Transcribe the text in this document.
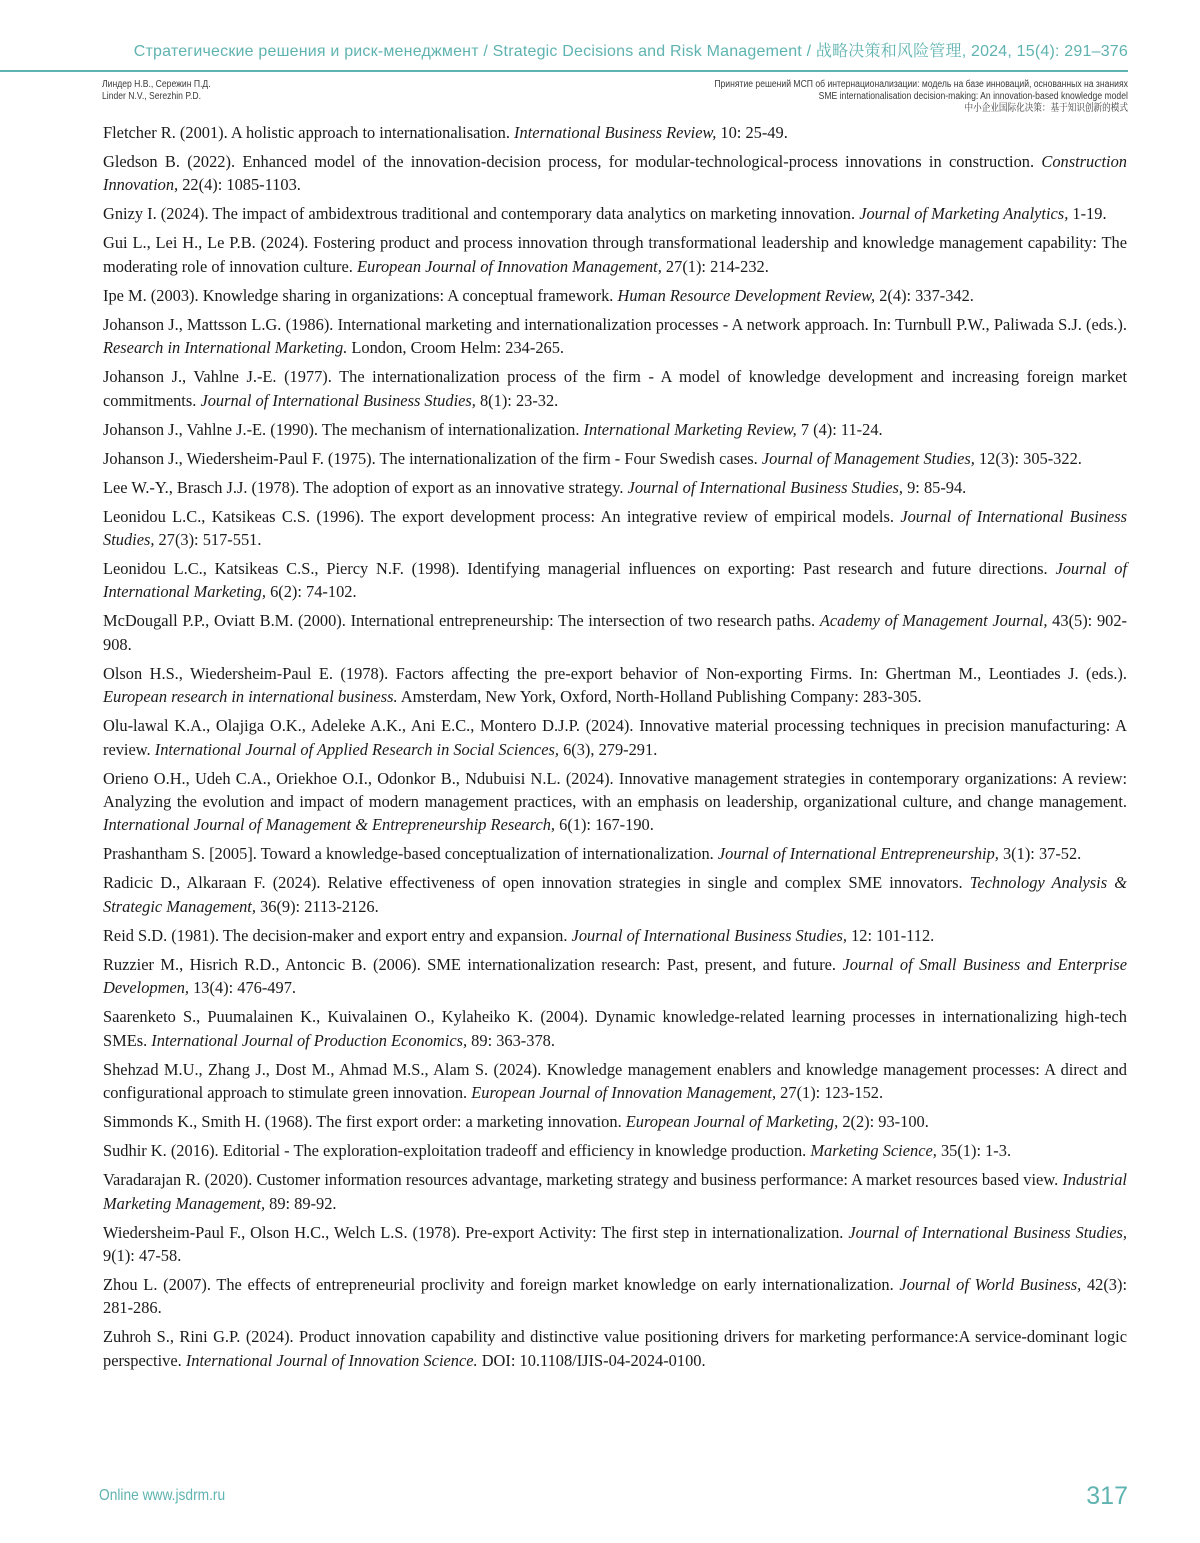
Стратегические решения и риск-менеджмент / Strategic Decisions and Risk Management / 战略决策和风险管理, 2024, 15(4): 291–376
Линдер Н.В., Сережин П.Д.
Linder N.V., Serezhin P.D.
Принятие решений МСП об интернационализации: модель на базе инноваций, основанных на знаниях
SME internationalisation decision-making: An innovation-based knowledge model
中小企业国际化决策：基于知识创新的模式

Fletcher R. (2001). A holistic approach to internationalisation. International Business Review, 10: 25-49.

Gledson B. (2022). Enhanced model of the innovation-decision process, for modular-technological-process innovations in construction. Construction Innovation, 22(4): 1085-1103.

Gnizy I. (2024). The impact of ambidextrous traditional and contemporary data analytics on marketing innovation. Journal of Marketing Analytics, 1-19.

Gui L., Lei H., Le P.B. (2024). Fostering product and process innovation through transformational leadership and knowledge management capability: The moderating role of innovation culture. European Journal of Innovation Management, 27(1): 214-232.

Ipe M. (2003). Knowledge sharing in organizations: A conceptual framework. Human Resource Development Review, 2(4): 337-342.

Johanson J., Mattsson L.G. (1986). International marketing and internationalization processes - A network approach. In: Turnbull P.W., Paliwada S.J. (eds.). Research in International Marketing. London, Croom Helm: 234-265.

Johanson J., Vahlne J.-E. (1977). The internationalization process of the firm - A model of knowledge development and increasing foreign market commitments. Journal of International Business Studies, 8(1): 23-32.

Johanson J., Vahlne J.-E. (1990). The mechanism of internationalization. International Marketing Review, 7 (4): 11-24.

Johanson J., Wiedersheim-Paul F. (1975). The internationalization of the firm - Four Swedish cases. Journal of Management Studies, 12(3): 305-322.

Lee W.-Y., Brasch J.J. (1978). The adoption of export as an innovative strategy. Journal of International Business Studies, 9: 85-94.

Leonidou L.C., Katsikeas C.S. (1996). The export development process: An integrative review of empirical models. Journal of International Business Studies, 27(3): 517-551.

Leonidou L.C., Katsikeas C.S., Piercy N.F. (1998). Identifying managerial influences on exporting: Past research and future directions. Journal of International Marketing, 6(2): 74-102.

McDougall P.P., Oviatt B.M. (2000). International entrepreneurship: The intersection of two research paths. Academy of Management Journal, 43(5): 902-908.

Olson H.S., Wiedersheim-Paul E. (1978). Factors affecting the pre-export behavior of Non-exporting Firms. In: Ghertman M., Leontiades J. (eds.). European research in international business. Amsterdam, New York, Oxford, North-Holland Publishing Company: 283-305.

Olu-lawal K.A., Olajiga O.K., Adeleke A.K., Ani E.C., Montero D.J.P. (2024). Innovative material processing techniques in precision manufacturing: A review. International Journal of Applied Research in Social Sciences, 6(3), 279-291.

Orieno O.H., Udeh C.A., Oriekhoe O.I., Odonkor B., Ndubuisi N.L. (2024). Innovative management strategies in contemporary organizations: A review: Analyzing the evolution and impact of modern management practices, with an emphasis on leadership, organizational culture, and change management. International Journal of Management & Entrepreneurship Research, 6(1): 167-190.

Prashantham S. [2005]. Toward a knowledge-based conceptualization of internationalization. Journal of International Entrepreneurship, 3(1): 37-52.

Radicic D., Alkaraan F. (2024). Relative effectiveness of open innovation strategies in single and complex SME innovators. Technology Analysis & Strategic Management, 36(9): 2113-2126.

Reid S.D. (1981). The decision-maker and export entry and expansion. Journal of International Business Studies, 12: 101-112.

Ruzzier M., Hisrich R.D., Antoncic B. (2006). SME internationalization research: Past, present, and future. Journal of Small Business and Enterprise Developmen, 13(4): 476-497.

Saarenketo S., Puumalainen K., Kuivalainen O., Kylaheiko K. (2004). Dynamic knowledge-related learning processes in internationalizing high-tech SMEs. International Journal of Production Economics, 89: 363-378.

Shehzad M.U., Zhang J., Dost M., Ahmad M.S., Alam S. (2024). Knowledge management enablers and knowledge management processes: A direct and configurational approach to stimulate green innovation. European Journal of Innovation Management, 27(1): 123-152.

Simmonds K., Smith H. (1968). The first export order: a marketing innovation. European Journal of Marketing, 2(2): 93-100.

Sudhir K. (2016). Editorial - The exploration-exploitation tradeoff and efficiency in knowledge production. Marketing Science, 35(1): 1-3.

Varadarajan R. (2020). Customer information resources advantage, marketing strategy and business performance: A market resources based view. Industrial Marketing Management, 89: 89-92.

Wiedersheim-Paul F., Olson H.C., Welch L.S. (1978). Pre-export Activity: The first step in internationalization. Journal of International Business Studies, 9(1): 47-58.

Zhou L. (2007). The effects of entrepreneurial proclivity and foreign market knowledge on early internationalization. Journal of World Business, 42(3): 281-286.

Zuhroh S., Rini G.P. (2024). Product innovation capability and distinctive value positioning drivers for marketing performance:A service-dominant logic perspective. International Journal of Innovation Science. DOI: 10.1108/IJIS-04-2024-0100.

Online www.jsdrm.ru	317
